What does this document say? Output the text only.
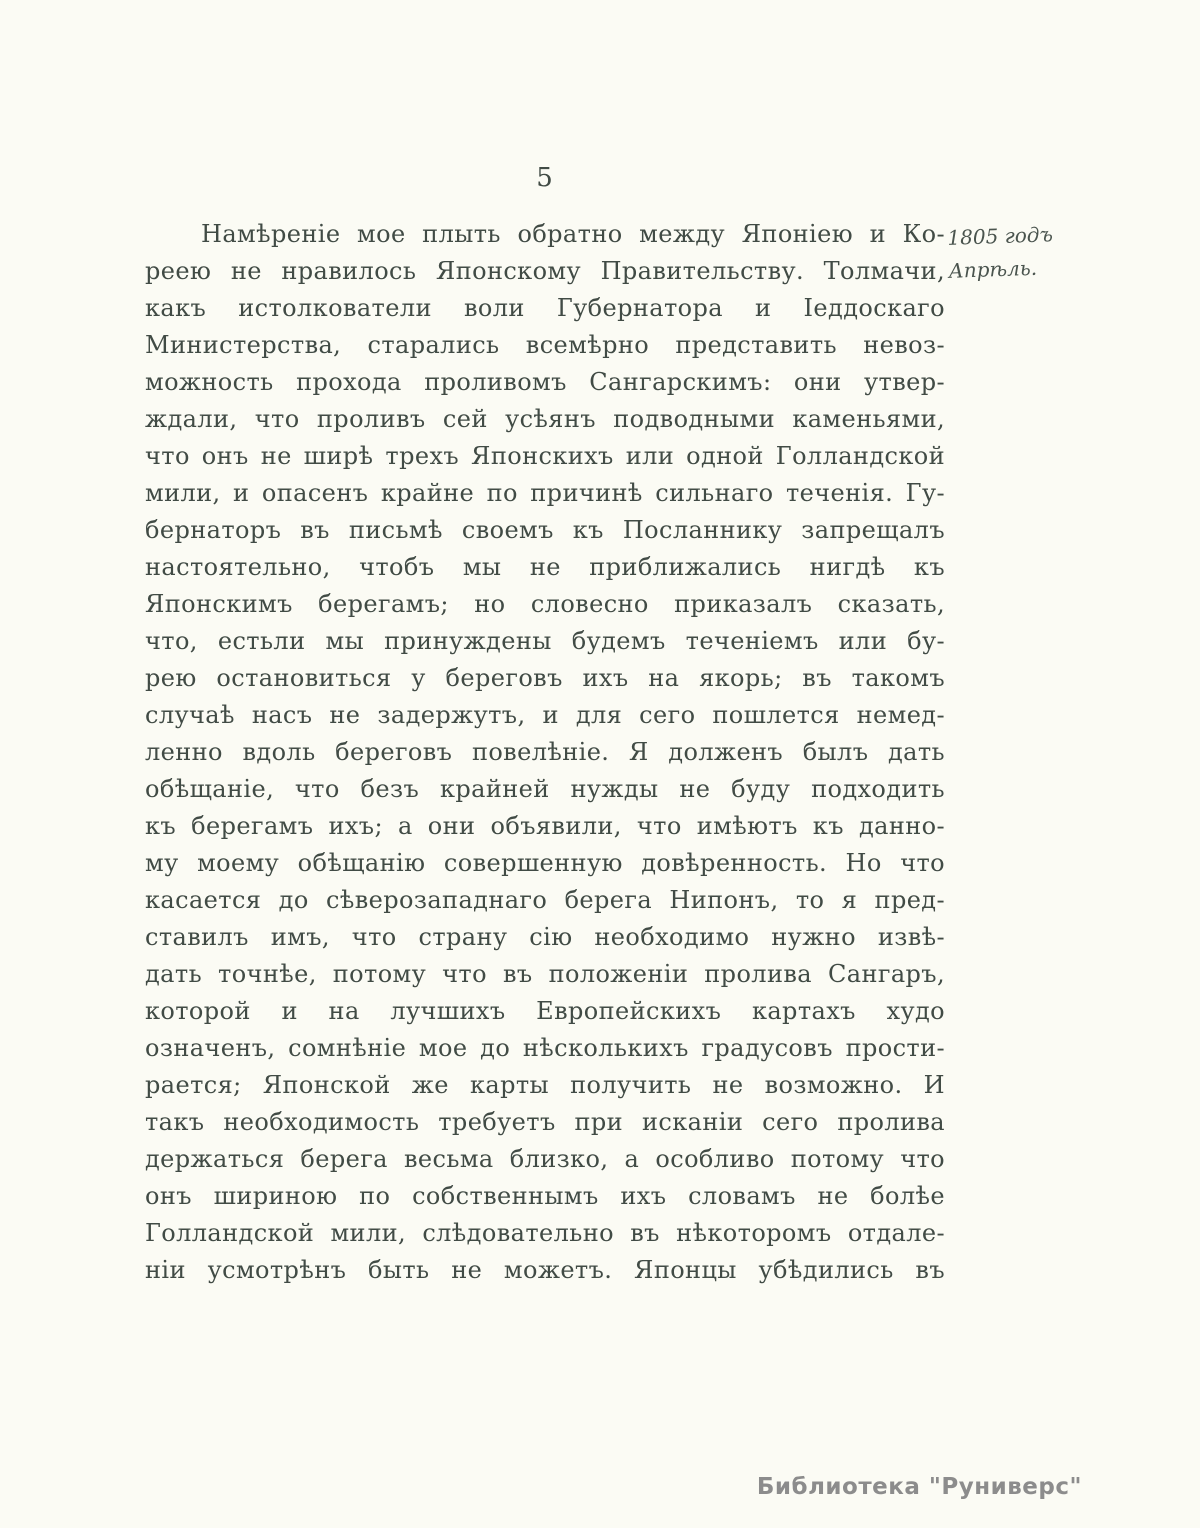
5
1805 годъ
Апрѣль.
Намѣреніе мое плыть обратно между Японіею и Ко-
реею не нравилось Японскому Правительству. Толмачи,
какъ истолкователи воли Губернатора и Іеддоскаго
Министерства, старались всемѣрно представить невоз-
можность прохода проливомъ Сангарскимъ: они утвер-
ждали, что проливъ сей усѣянъ подводными каменьями,
что онъ не ширѣ трехъ Японскихъ или одной Голландской
мили, и опасенъ крайне по причинѣ сильнаго теченія. Гу-
бернаторъ въ письмѣ своемъ къ Посланнику запрещалъ
настоятельно, чтобъ мы не приближались нигдѣ къ
Японскимъ берегамъ; но словесно приказалъ сказать,
что, естьли мы принуждены будемъ теченіемъ или бу-
рею остановиться у береговъ ихъ на якорь; въ такомъ
случаѣ насъ не задержутъ, и для сего пошлется немед-
ленно вдоль береговъ повелѣніе. Я долженъ былъ дать
обѣщаніе, что безъ крайней нужды не буду подходить
къ берегамъ ихъ; а они объявили, что имѣютъ къ данно-
му моему обѣщанію совершенную довѣренность. Но что
касается до сѣверозападнаго берега Нипонъ, то я пред-
ставилъ имъ, что страну сію необходимо нужно извѣ-
дать точнѣе, потому что въ положеніи пролива Сангаръ,
которой и на лучшихъ Европейскихъ картахъ худо
означенъ, сомнѣніе мое до нѣсколькихъ градусовъ прости-
рается; Японской же карты получить не возможно. И
такъ необходимость требуетъ при исканіи сего пролива
держаться берега весьма близко, а особливо потому что
онъ шириною по собственнымъ ихъ словамъ не болѣе
Голландской мили, слѣдовательно въ нѣкоторомъ отдале-
ніи усмотрѣнъ быть не можетъ. Японцы убѣдились въ
Библиотека "Руниверс"
